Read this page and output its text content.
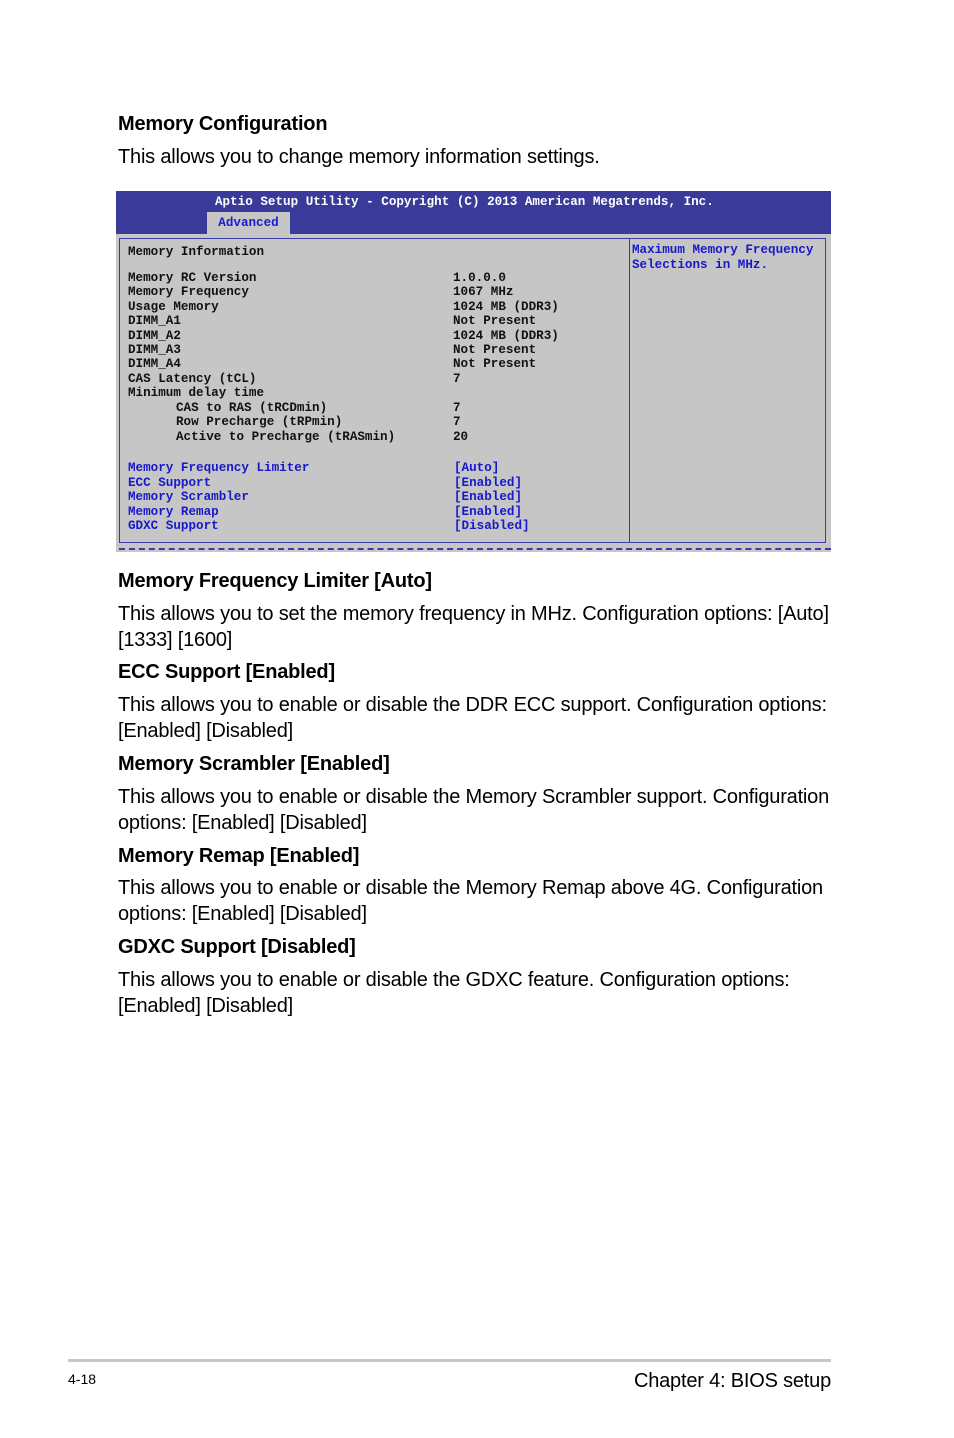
Memory Configuration

This allows you to change memory information settings.

Aptio Setup Utility - Copyright (C) 2013 American Megatrends, Inc.
Advanced
Memory Information
Memory RC Version	1.0.0.0
Memory Frequency	1067 MHz
Usage Memory	1024 MB (DDR3)
DIMM_A1	Not Present
DIMM_A2	1024 MB (DDR3)
DIMM_A3	Not Present
DIMM_A4	Not Present
CAS Latency (tCL)	7
Minimum delay time
CAS to RAS (tRCDmin)	7
Row Precharge (tRPmin)	7
Active to Precharge (tRASmin)	20
Memory Frequency Limiter	[Auto]
ECC Support	[Enabled]
Memory Scrambler	[Enabled]
Memory Remap	[Enabled]
GDXC Support	[Disabled]
Maximum Memory Frequency
Selections in MHz.
Memory Frequency Limiter [Auto]

This allows you to set the memory frequency in MHz. Configuration options: [Auto] [1333] [1600]

ECC Support [Enabled]

This allows you to enable or disable the DDR ECC support. Configuration options: [Enabled] [Disabled]

Memory Scrambler [Enabled]

This allows you to enable or disable the Memory Scrambler support. Configuration options: [Enabled] [Disabled]

Memory Remap [Enabled]

This allows you to enable or disable the Memory Remap above 4G. Configuration options: [Enabled] [Disabled]

GDXC Support [Disabled]

This allows you to enable or disable the GDXC feature. Configuration options: [Enabled] [Disabled]

4-18	Chapter 4: BIOS setup
